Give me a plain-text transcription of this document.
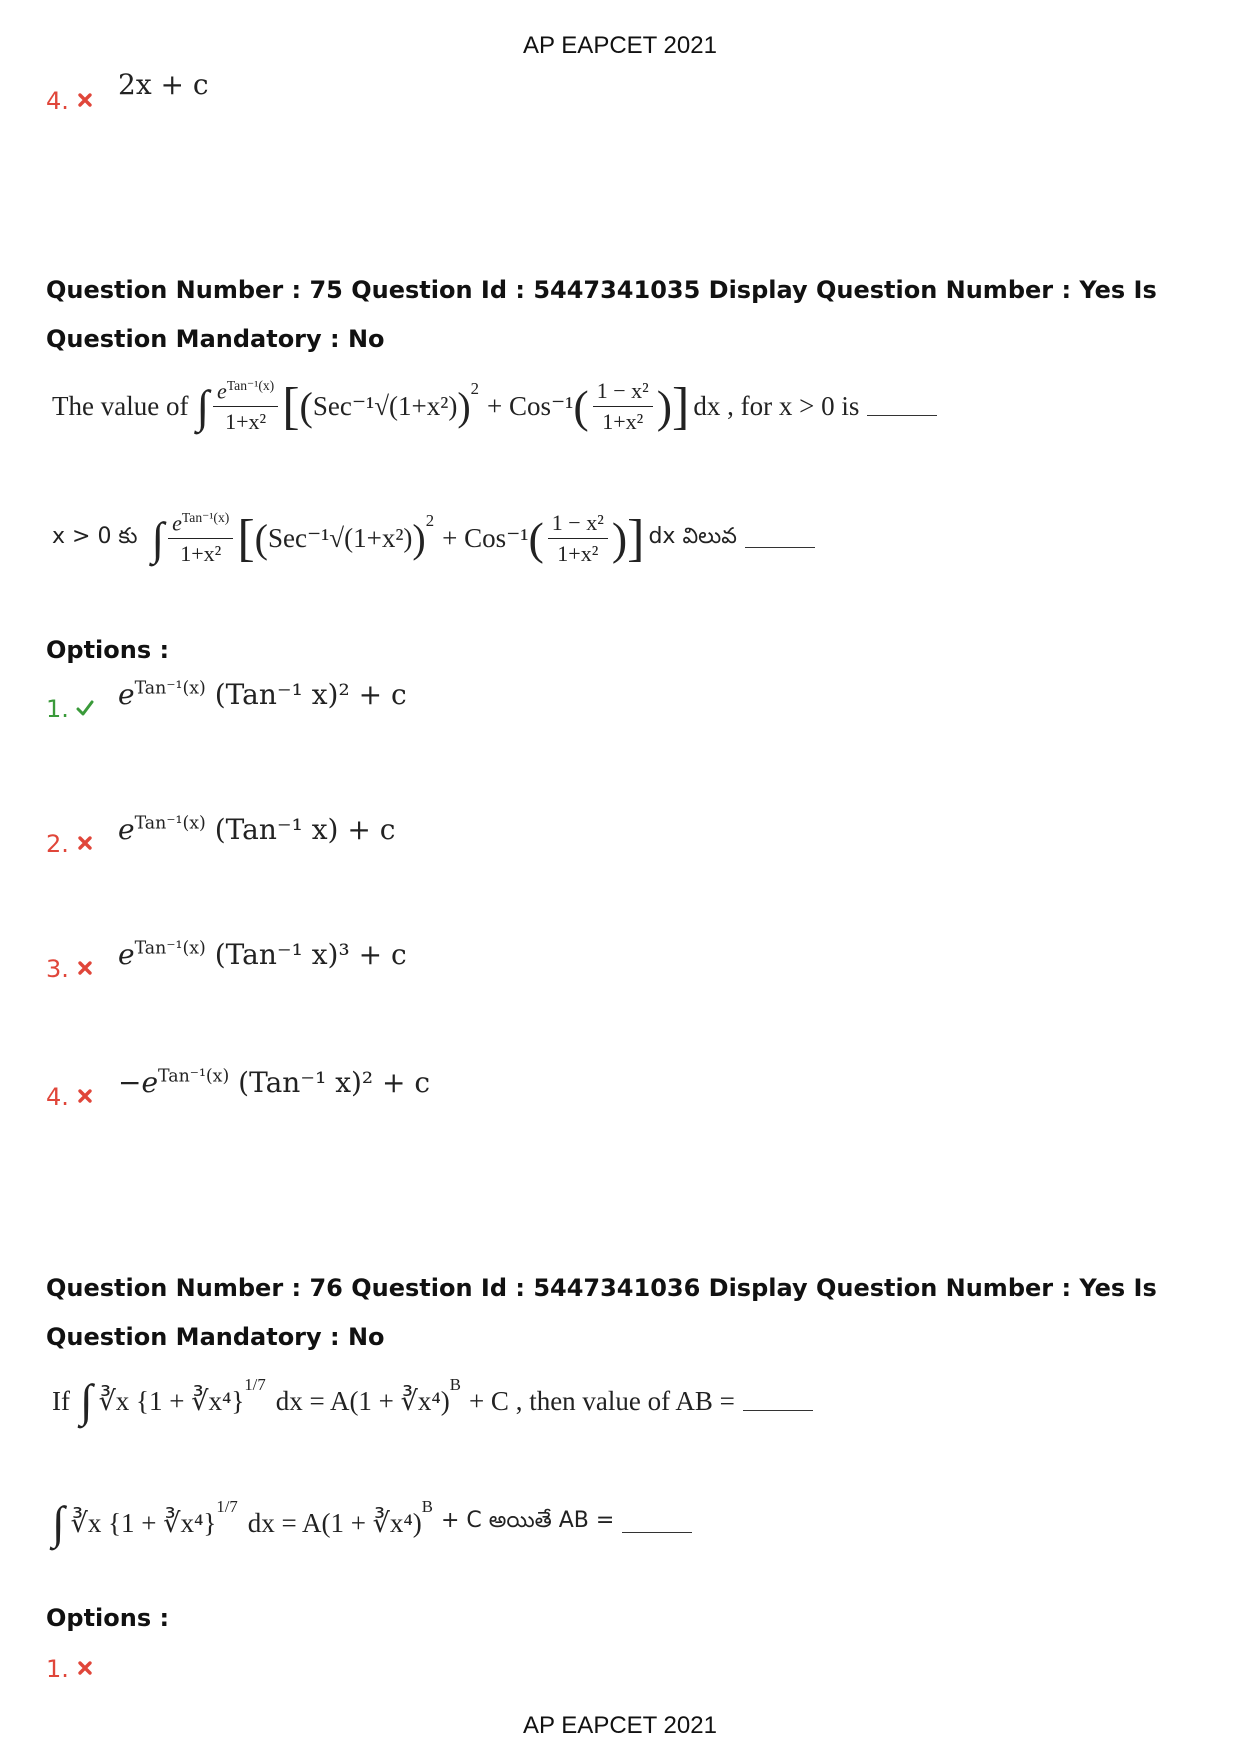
AP EAPCET 2021
4. 2x + c
Question Number : 75 Question Id : 5447341035 Display Question Number : Yes Is Question Mandatory : No
The value of ∫ $\frac{e^{Tan^{-1}(x)}}{\text{1+x²}}$ [ ( Sec⁻¹√(1+x²) )$^2$
+ Cos⁻¹ ( $\frac{\text{1 − x²}}{\text{1+x²}}$ ) ] dx , for x > 0 is
x > 0 కు ∫ $\frac{e^{Tan^{-1}(x)}}{\text{1+x²}}$ [ ( Sec⁻¹√(1+x²) )$^2$
+ Cos⁻¹ ( $\frac{\text{1 − x²}}{\text{1+x²}}$ ) ] dx విలువ
Options :
1. $e^{Tan^{-1}(x)}$ (Tan⁻¹ x)² + c
2. $e^{Tan^{-1}(x)}$ (Tan⁻¹ x) + c
3. $e^{Tan^{-1}(x)}$ (Tan⁻¹ x)³ + c
4. $-e^{Tan^{-1}(x)}$ (Tan⁻¹ x)² + c
Question Number : 76 Question Id : 5447341036 Display Question Number : Yes Is Question Mandatory : No
If ∫ ∛x {1 + ∛x⁴}
$^{1/7}$
dx = A(1 + ∛x⁴)
$^B$
+ C , then value of AB =
∫ ∛x {1 + ∛x⁴}
$^{1/7}$
dx = A(1 + ∛x⁴)
$^B$
+ C అయితే AB =
Options :
1.
AP EAPCET 2021
